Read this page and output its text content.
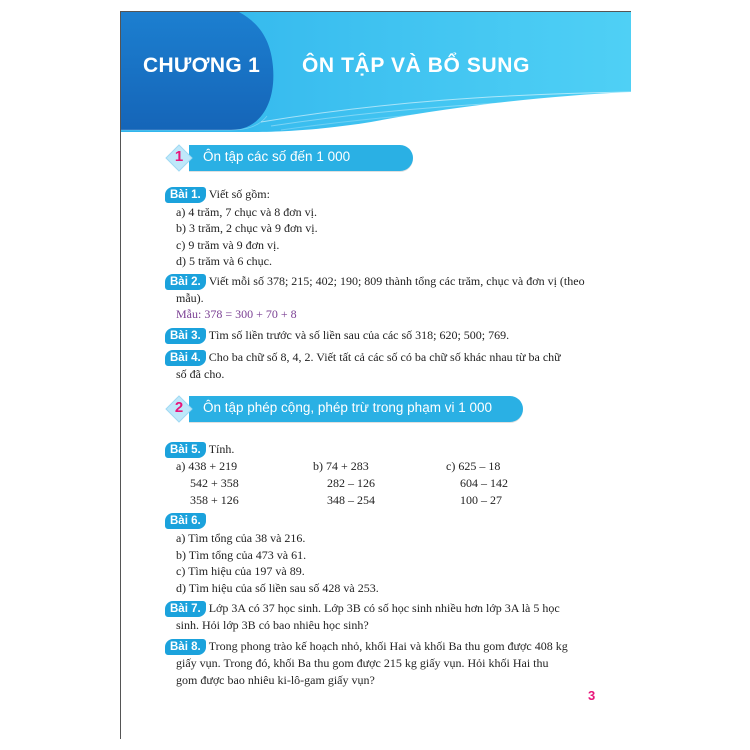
CHƯƠNG 1 ÔN TẬP VÀ BỔ SUNG
1	Ôn tập các số đến 1 000
Bài 1. Viết số gồm:
a) 4 trăm, 7 chục và 8 đơn vị.
b) 3 trăm, 2 chục và 9 đơn vị.
c) 9 trăm và 9 đơn vị.
d) 5 trăm và 6 chục.
Bài 2. Viết mỗi số 378; 215; 402; 190; 809 thành tổng các trăm, chục và đơn vị (theo
mẫu).
Mẫu: 378 = 300 + 70 + 8
Bài 3. Tìm số liền trước và số liền sau của các số 318; 620; 500; 769.
Bài 4. Cho ba chữ số 8, 4, 2. Viết tất cả các số có ba chữ số khác nhau từ ba chữ
số đã cho.
2	Ôn tập phép cộng, phép trừ trong phạm vi 1 000
Bài 5. Tính.
a) 438 + 219
542 + 358
358 + 126
b) 74 + 283
282 – 126
348 – 254
c) 625 – 18
604 – 142
100 – 27
Bài 6.
a) Tìm tổng của 38 và 216.
b) Tìm tổng của 473 và 61.
c) Tìm hiệu của 197 và 89.
d) Tìm hiệu của số liền sau số 428 và 253.
Bài 7. Lớp 3A có 37 học sinh. Lớp 3B có số học sinh nhiều hơn lớp 3A là 5 học
sinh. Hỏi lớp 3B có bao nhiêu học sinh?
Bài 8. Trong phong trào kế hoạch nhỏ, khối Hai và khối Ba thu gom được 408 kg
giấy vụn. Trong đó, khối Ba thu gom được 215 kg giấy vụn. Hỏi khối Hai thu
gom được bao nhiêu ki-lô-gam giấy vụn?
3
